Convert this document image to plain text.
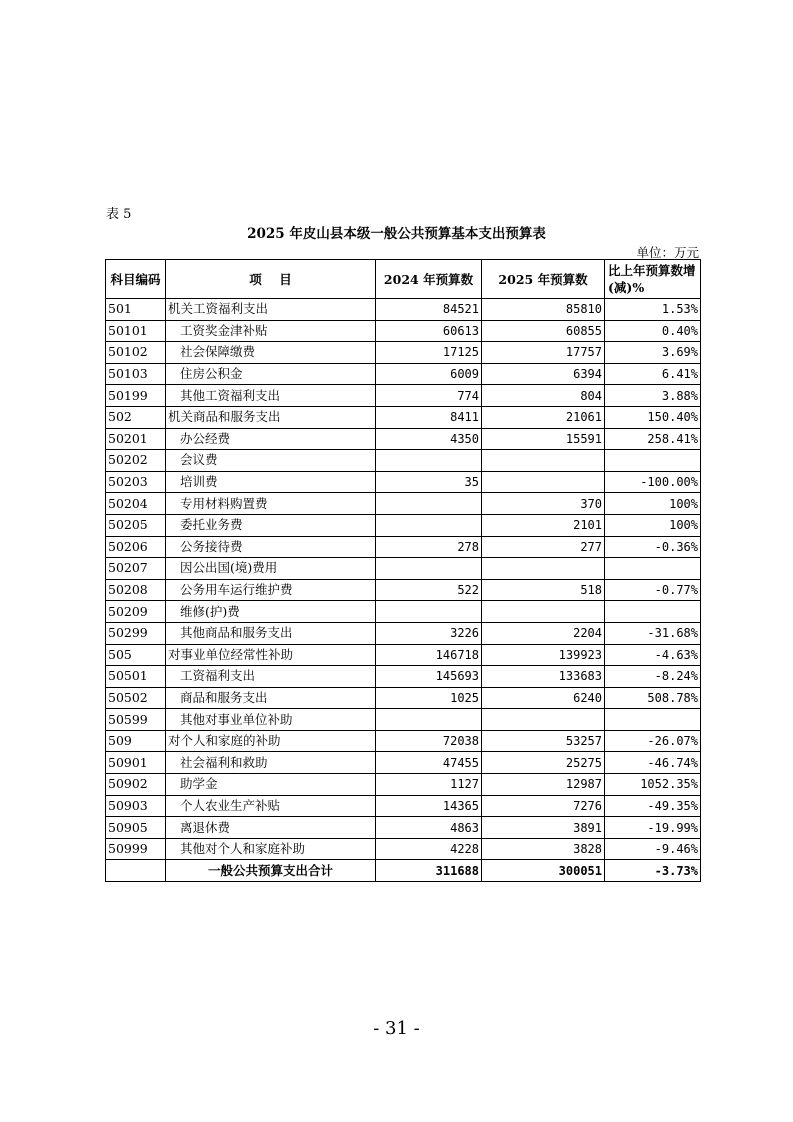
表 5
2025 年皮山县本级一般公共预算基本支出预算表
单位：万元
科目编码	项    目	2024 年预算数	2025 年预算数	比上年预算数增(减)%
501	机关工资福利支出	84521	85810	1.53%
50101	工资奖金津补贴	60613	60855	0.40%
50102	社会保障缴费	17125	17757	3.69%
50103	住房公积金	6009	6394	6.41%
50199	其他工资福利支出	774	804	3.88%
502	机关商品和服务支出	8411	21061	150.40%
50201	办公经费	4350	15591	258.41%
50202	会议费			
50203	培训费	35		-100.00%
50204	专用材料购置费		370	100%
50205	委托业务费		2101	100%
50206	公务接待费	278	277	-0.36%
50207	因公出国(境)费用			
50208	公务用车运行维护费	522	518	-0.77%
50209	维修(护)费			
50299	其他商品和服务支出	3226	2204	-31.68%
505	对事业单位经常性补助	146718	139923	-4.63%
50501	工资福利支出	145693	133683	-8.24%
50502	商品和服务支出	1025	6240	508.78%
50599	其他对事业单位补助			
509	对个人和家庭的补助	72038	53257	-26.07%
50901	社会福利和救助	47455	25275	-46.74%
50902	助学金	1127	12987	1052.35%
50903	个人农业生产补贴	14365	7276	-49.35%
50905	离退休费	4863	3891	-19.99%
50999	其他对个人和家庭补助	4228	3828	-9.46%
	一般公共预算支出合计	311688	300051	-3.73%
- 31 -
